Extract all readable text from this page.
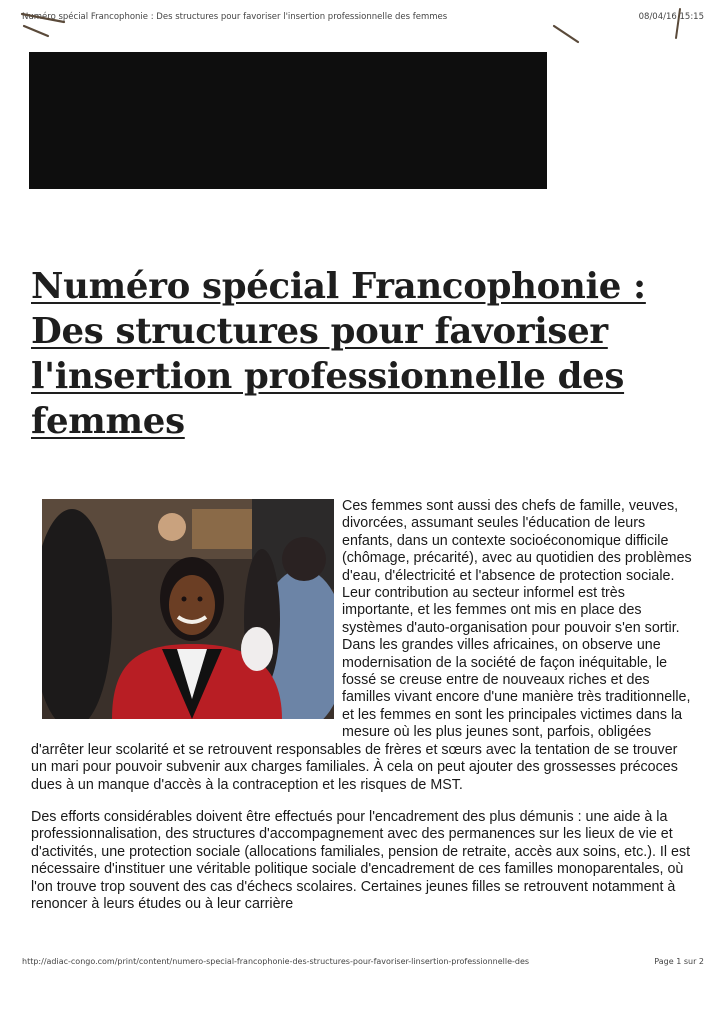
Numéro spécial Francophonie : Des structures pour favoriser l'insertion professionnelle des femmes	08/04/16 15:15
Numéro spécial Francophonie : Des structures pour favoriser l'insertion professionnelle des femmes

Ces femmes sont aussi des chefs de famille, veuves, divorcées, assumant seules l'éducation de leurs enfants, dans un contexte socioéconomique difficile (chômage, précarité), avec au quotidien des problèmes d'eau, d'électricité et l'absence de protection sociale. Leur contribution au secteur informel est très importante, et les femmes ont mis en place des systèmes d'auto-organisation pour pouvoir s'en sortir. Dans les grandes villes africaines, on observe une modernisation de la société de façon inéquitable, le fossé se creuse entre de nouveaux riches et des familles vivant encore d'une manière très traditionnelle, et les femmes en sont les principales victimes dans la mesure où les plus jeunes sont, parfois, obligées d'arrêter leur scolarité et se retrouvent responsables de frères et sœurs avec la tentation de se trouver un mari pour pouvoir subvenir aux charges familiales. À cela on peut ajouter des grossesses précoces dues à un manque d'accès à la contraception et les risques de MST.

Des efforts considérables doivent être effectués pour l'encadrement des plus démunis : une aide à la professionnalisation, des structures d'accompagnement avec des permanences sur les lieux de vie et d'activités, une protection sociale (allocations familiales, pension de retraite, accès aux soins, etc.). Il est nécessaire d'instituer une véritable politique sociale d'encadrement de ces familles monoparentales, où l'on trouve trop souvent des cas d'échecs scolaires. Certaines jeunes filles se retrouvent notamment à renoncer à leurs études ou à leur carrière

http://adiac-congo.com/print/content/numero-special-francophonie-des-structures-pour-favoriser-linsertion-professionnelle-des	Page 1 sur 2
